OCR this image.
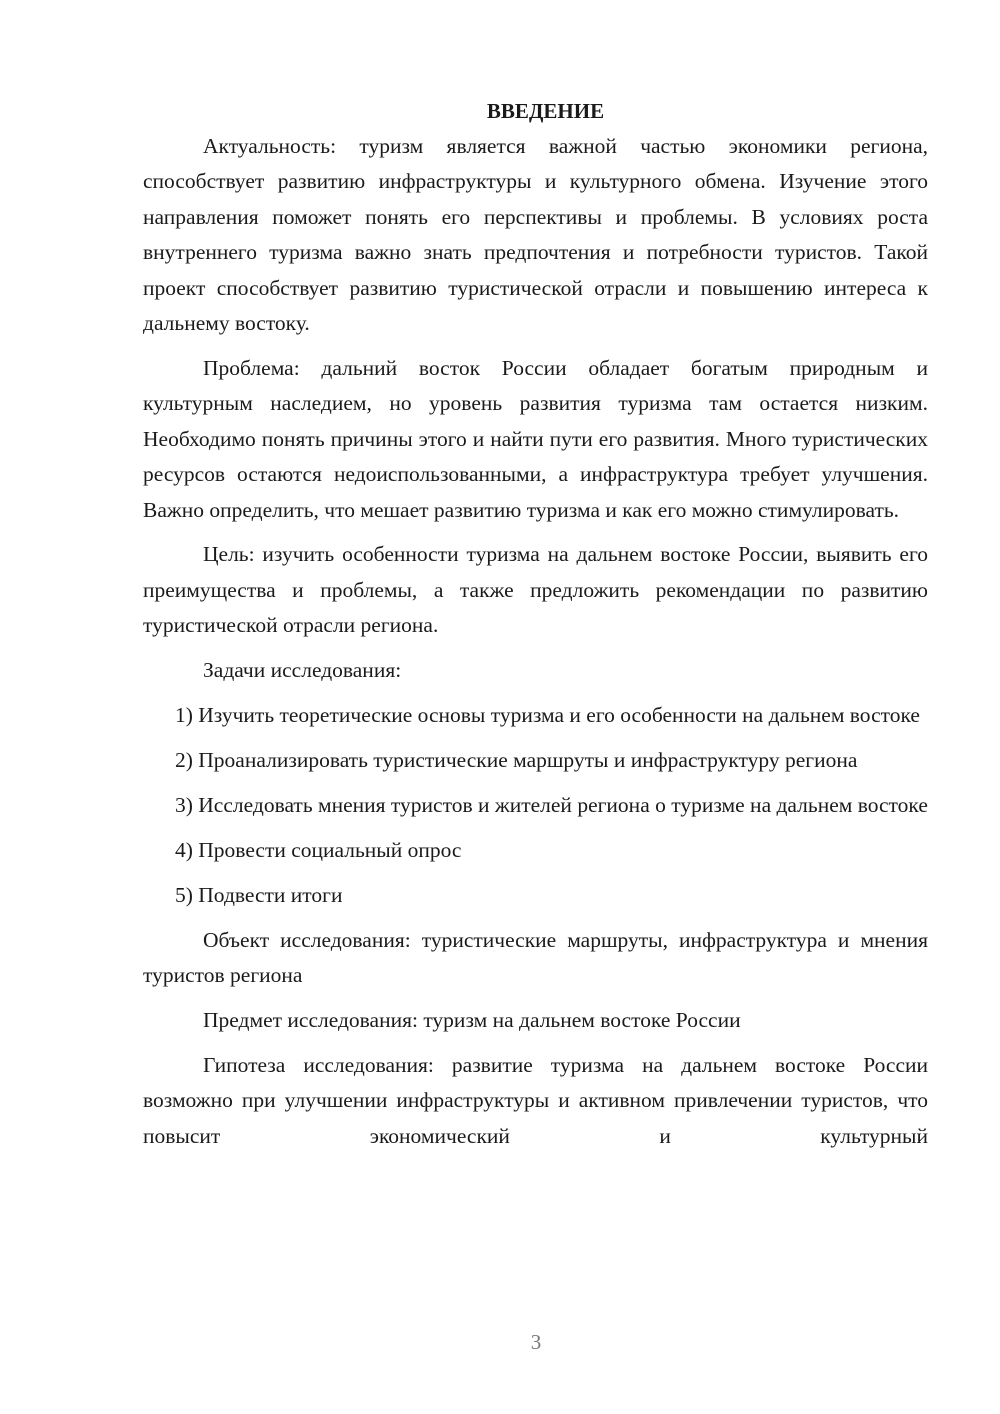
ВВЕДЕНИЕ

Актуальность: туризм является важной частью экономики региона, способствует развитию инфраструктуры и культурного обмена. Изучение этого направления поможет понять его перспективы и проблемы. В условиях роста внутреннего туризма важно знать предпочтения и потребности туристов. Такой проект способствует развитию туристической отрасли и повышению интереса к дальнему востоку.

Проблема: дальний восток России обладает богатым природным и культурным наследием, но уровень развития туризма там остается низким. Необходимо понять причины этого и найти пути его развития. Много туристических ресурсов остаются недоиспользованными, а инфраструктура требует улучшения. Важно определить, что мешает развитию туризма и как его можно стимулировать.

Цель: изучить особенности туризма на дальнем востоке России, выявить его преимущества и проблемы, а также предложить рекомендации по развитию туристической отрасли региона.

Задачи исследования:

1) Изучить теоретические основы туризма и его особенности на дальнем востоке

2) Проанализировать туристические маршруты и инфраструктуру региона

3) Исследовать мнения туристов и жителей региона о туризме на дальнем востоке

4) Провести социальный опрос

5) Подвести итоги

Объект исследования: туристические маршруты, инфраструктура и мнения туристов региона

Предмет исследования: туризм на дальнем востоке России

Гипотеза исследования: развитие туризма на дальнем востоке России возможно при улучшении инфраструктуры и активном привлечении туристов, что повысит экономический и культурный

3
